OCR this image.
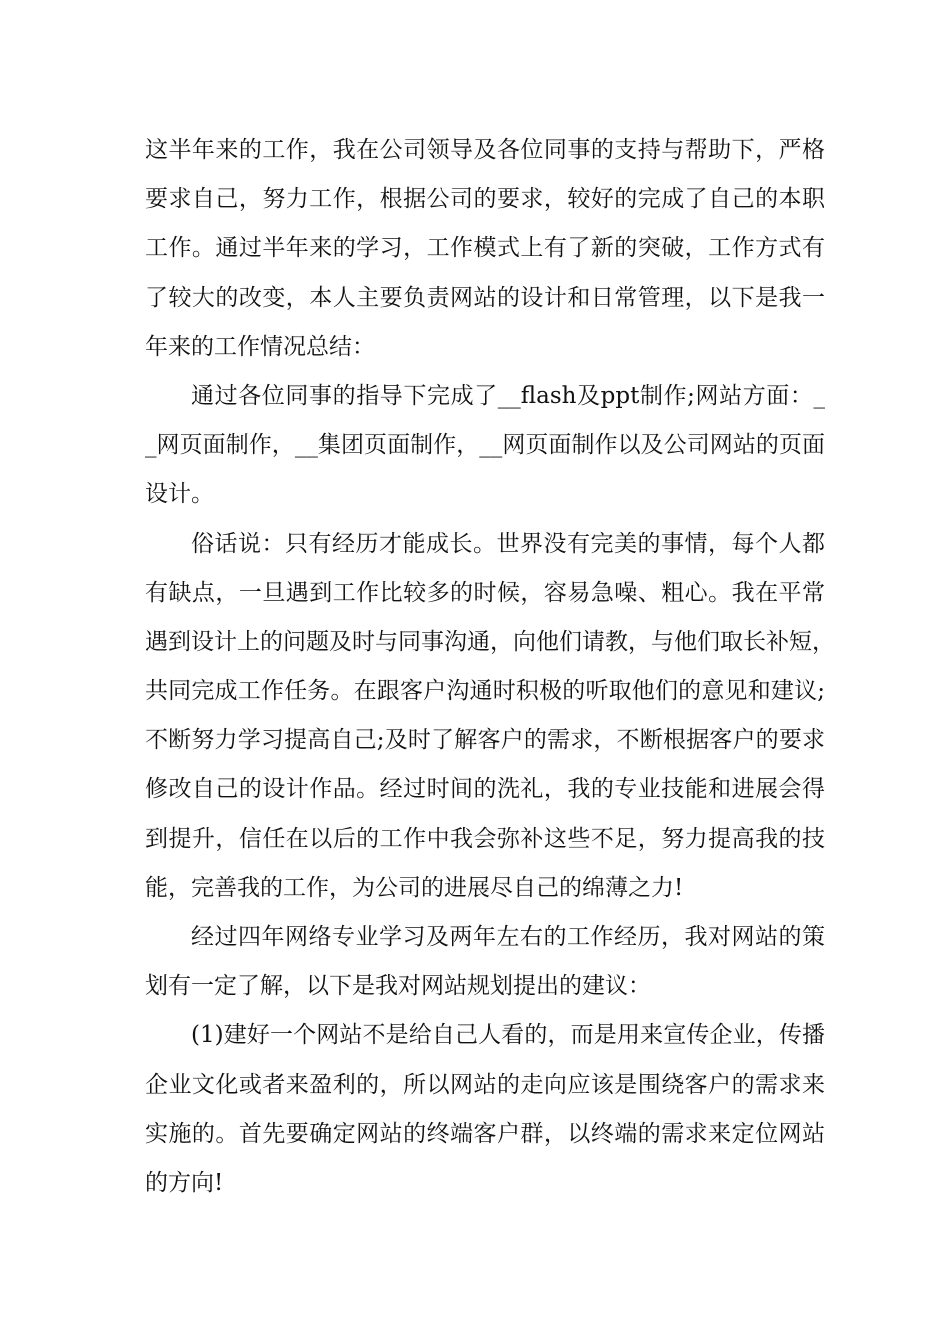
这半年来的工作，我在公司领导及各位同事的支持与帮助下，严格
要求自己，努力工作，根据公司的要求，较好的完成了自己的本职
工作。通过半年来的学习，工作模式上有了新的突破，工作方式有
了较大的改变，本人主要负责网站的设计和日常管理，以下是我一
年来的工作情况总结：
通过各位同事的指导下完成了__flash及ppt制作;网站方面：_
_网页面制作，__集团页面制作，__网页面制作以及公司网站的页面
设计。
俗话说：只有经历才能成长。世界没有完美的事情，每个人都
有缺点，一旦遇到工作比较多的时候，容易急噪、粗心。我在平常
遇到设计上的问题及时与同事沟通，向他们请教，与他们取长补短，
共同完成工作任务。在跟客户沟通时积极的听取他们的意见和建议;
不断努力学习提高自己;及时了解客户的需求，不断根据客户的要求
修改自己的设计作品。经过时间的洗礼，我的专业技能和进展会得
到提升，信任在以后的工作中我会弥补这些不足，努力提高我的技
能，完善我的工作，为公司的进展尽自己的绵薄之力!
经过四年网络专业学习及两年左右的工作经历，我对网站的策
划有一定了解，以下是我对网站规划提出的建议：
(1)建好一个网站不是给自己人看的，而是用来宣传企业，传播
企业文化或者来盈利的，所以网站的走向应该是围绕客户的需求来
实施的。首先要确定网站的终端客户群，以终端的需求来定位网站
的方向!
